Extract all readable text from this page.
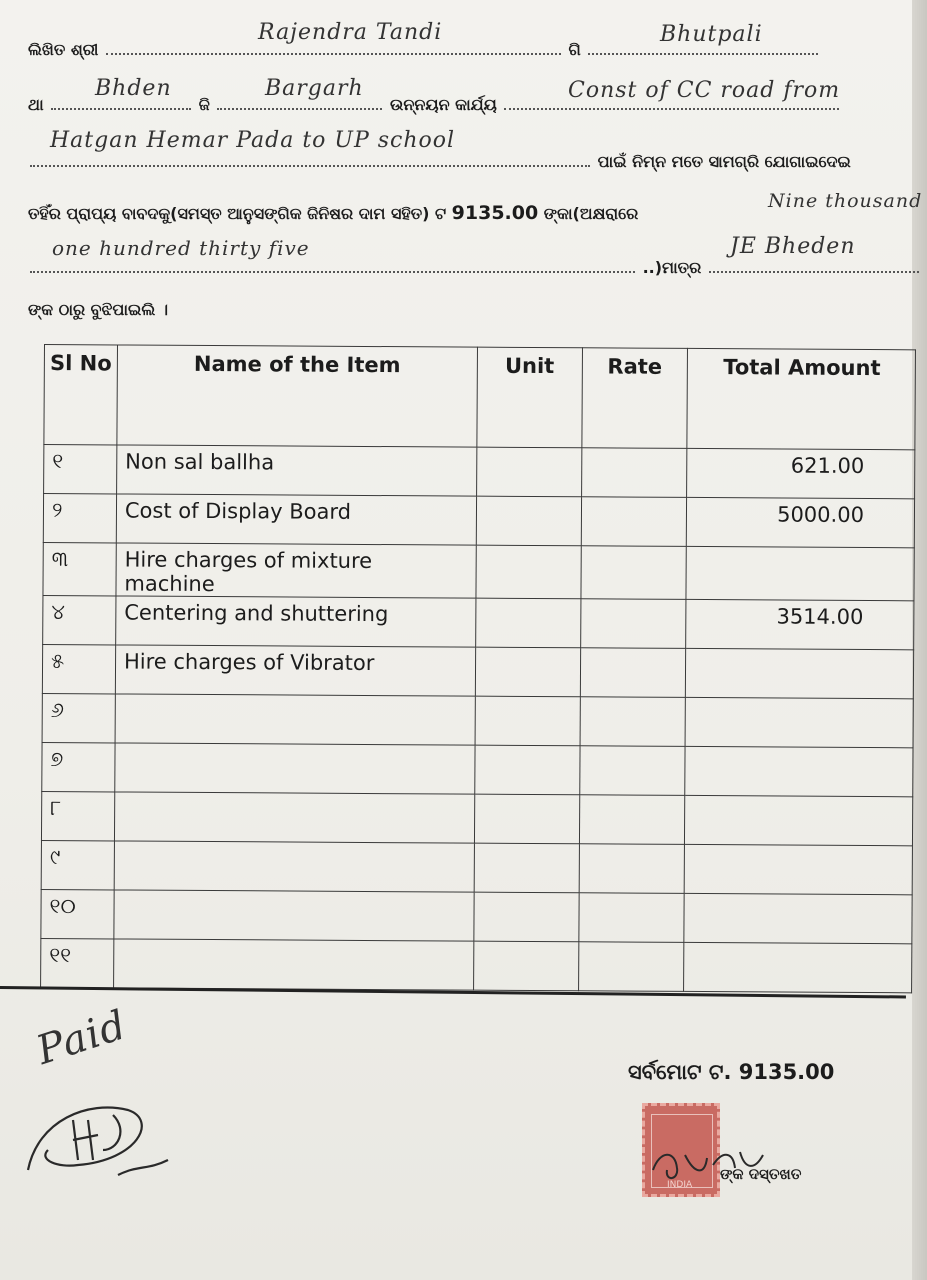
ଲିଖିତ ଶ୍ରୀ	ଗି
Rajendra Tandi	Bhutpali
ଥା	ଜି	ଉନ୍ନୟନ କାର୍ଯ୍ୟ
Bhden	Bargarh	Const of CC road from
ପାଇଁ ନିମ୍ନ ମତେ ସାମଗ୍ରି ଯୋଗାଇଦେଇ
Hatgan Hemar Pada to UP school
ତହିଁର ପ୍ରାପ୍ୟ ବାବଦକୁ(ସମସ୍ତ ଆନୁସଙ୍ଗିକ ଜିନିଷର ଦାମ ସହିତ) ଟ 9135.00 ଙ୍କା(ଅକ୍ଷରାରେ
Nine thousand
..)ମାତ୍ର
one hundred thirty five	JE Bheden
ଙ୍କ ଠାରୁ ବୁଝିପାଇଲି ।
Sl No	Name of the Item	Unit	Rate	Total Amount
୧	Non sal ballha			621.00
୨	Cost of Display Board			5000.00
୩	Hire charges of mixture machine			
୪	Centering and shuttering			3514.00
୫	Hire charges of Vibrator			
୬				
୭				
୮				
୯				
୧୦				
୧୧				
Paid	ସର୍ବମୋଟ ଟ. 9135.00
INDIA
ଙ୍କ ଦସ୍ତଖତ
